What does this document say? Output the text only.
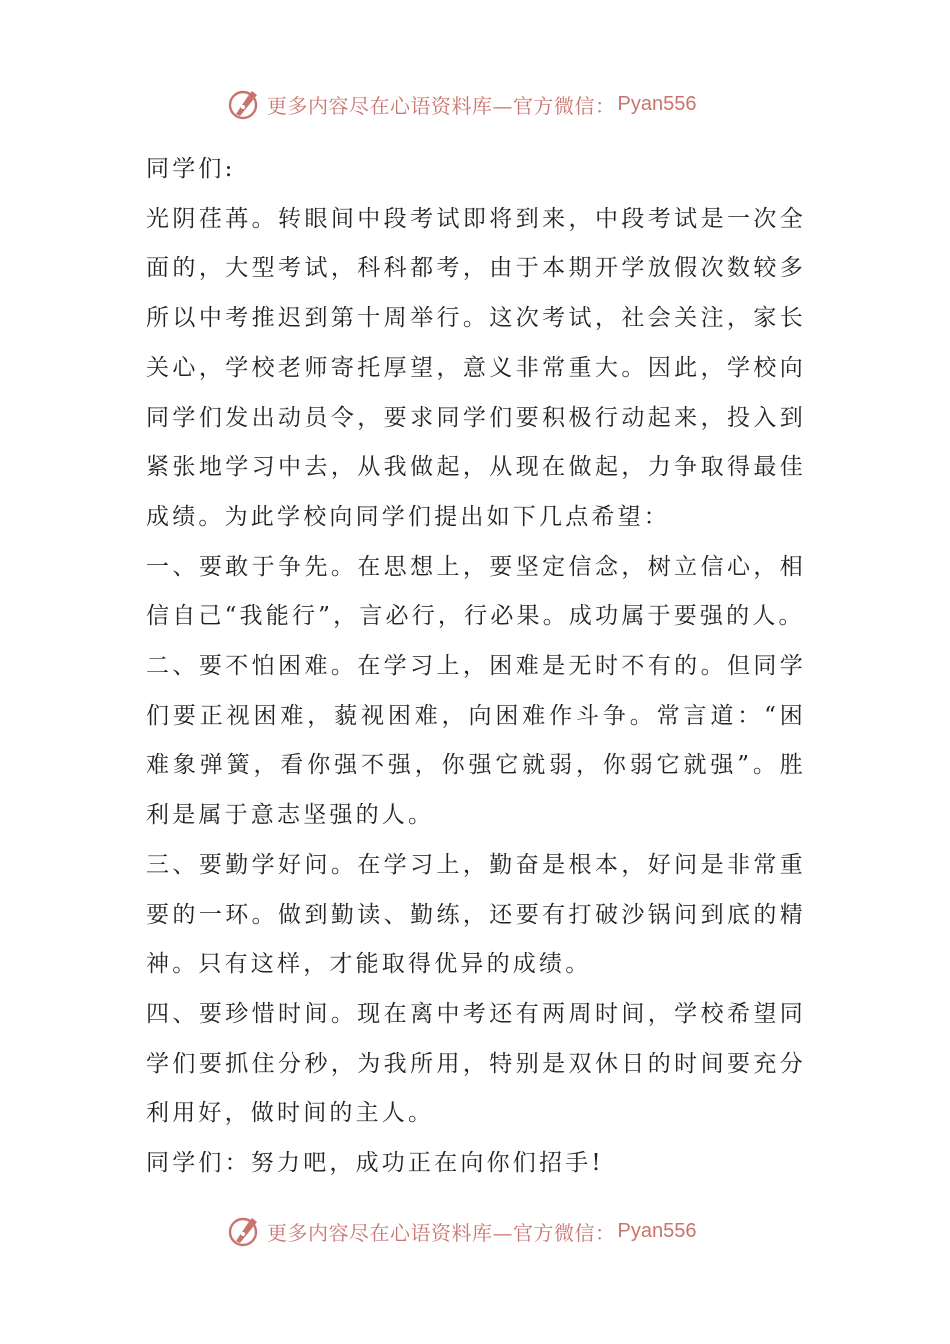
更多内容尽在心语资料库—官方微信： Pyan556

同学们:

光阴荏苒。转眼间中段考试即将到来，中段考试是一次全面的，大型考试，科科都考，由于本期开学放假次数较多所以中考推迟到第十周举行。这次考试，社会关注，家长关心，学校老师寄托厚望，意义非常重大。因此，学校向同学们发出动员令，要求同学们要积极行动起来，投入到紧张地学习中去，从我做起，从现在做起，力争取得最佳成绩。为此学校向同学们提出如下几点希望：

一、要敢于争先。在思想上，要坚定信念，树立信心，相信自己“我能行”，言必行，行必果。成功属于要强的人。

二、要不怕困难。在学习上，困难是无时不有的。但同学们要正视困难，藐视困难，向困难作斗争。常言道：“困难象弹簧，看你强不强，你强它就弱，你弱它就强”。胜利是属于意志坚强的人。

三、要勤学好问。在学习上，勤奋是根本，好问是非常重要的一环。做到勤读、勤练，还要有打破沙锅问到底的精神。只有这样，才能取得优异的成绩。

四、要珍惜时间。现在离中考还有两周时间，学校希望同学们要抓住分秒，为我所用，特别是双休日的时间要充分利用好，做时间的主人。

同学们：努力吧，成功正在向你们招手!

更多内容尽在心语资料库—官方微信： Pyan556
